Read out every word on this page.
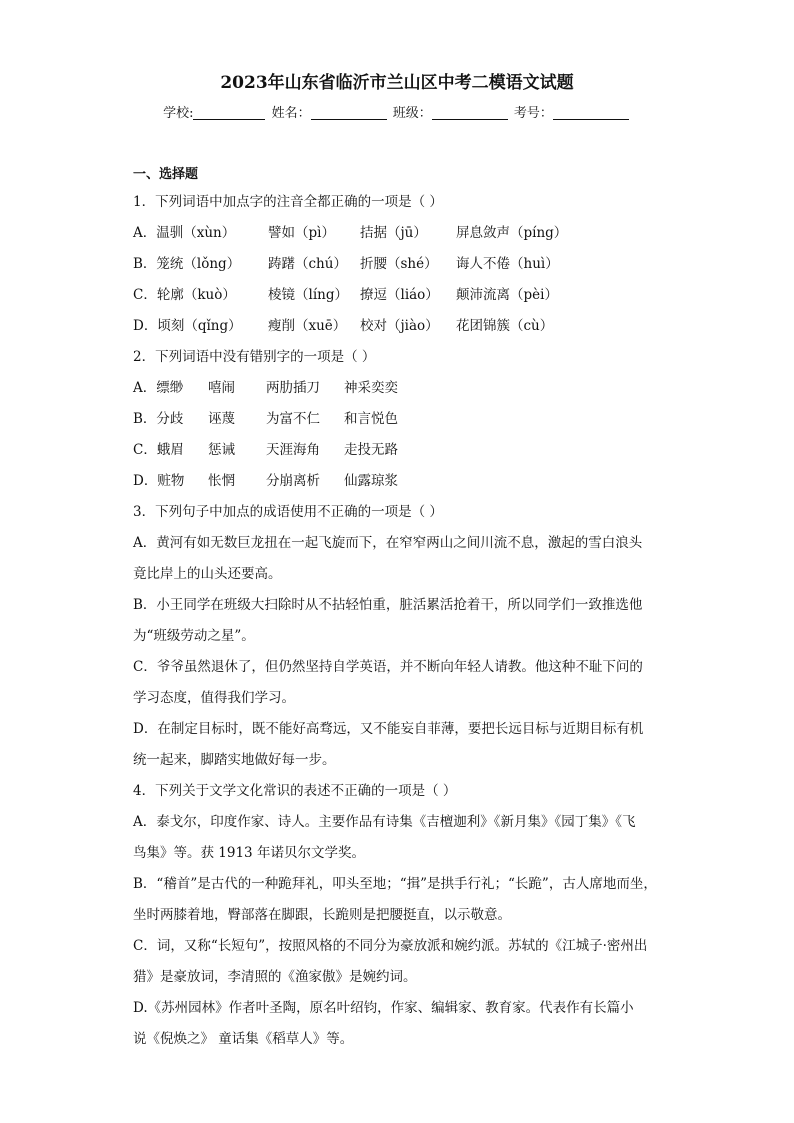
2023年山东省临沂市兰山区中考二模语文试题
学校:	姓名：	班级：	考号：
一、选择题
1．下列词语中加点字的注音全都正确的一项是（ ）
A．温驯（xùn） 譬如（pì） 拮据（jū） 屏息敛声（píng）
B．笼统（lǒng） 踌躇（chú） 折腰（shé） 诲人不倦（huì）
C．轮廓（kuò） 棱镜（líng） 撩逗（liáo） 颠沛流离（pèi）
D．顷刻（qǐng） 瘦削（xuē） 校对（jiào） 花团锦簇（cù）
2．下列词语中没有错别字的一项是（ ）
A．缥缈 嘻闹 两肋插刀 神采奕奕
B．分歧 诬蔑 为富不仁 和言悦色
C．蛾眉 惩诫 天涯海角 走投无路
D．赃物 怅惘 分崩离析 仙露琼浆
3．下列句子中加点的成语使用不正确的一项是（ ）
A．黄河有如无数巨龙扭在一起飞旋而下，在窄窄两山之间川流不息，激起的雪白浪头
竟比岸上的山头还要高。
B．小王同学在班级大扫除时从不拈轻怕重，脏活累活抢着干，所以同学们一致推选他
为“班级劳动之星”。
C．爷爷虽然退休了，但仍然坚持自学英语，并不断向年轻人请教。他这种不耻下问的
学习态度，值得我们学习。
D．在制定目标时，既不能好高骛远，又不能妄自菲薄，要把长远目标与近期目标有机
统一起来，脚踏实地做好每一步。
4．下列关于文学文化常识的表述不正确的一项是（ ）
A．泰戈尔，印度作家、诗人。主要作品有诗集《吉檀迦利》《新月集》《园丁集》《飞
鸟集》等。获 1913 年诺贝尔文学奖。
B．“稽首”是古代的一种跪拜礼，叩头至地；“揖”是拱手行礼；“长跪”，古人席地而坐，
坐时两膝着地，臀部落在脚跟，长跪则是把腰挺直，以示敬意。
C．词，又称“长短句”，按照风格的不同分为豪放派和婉约派。苏轼的《江城子·密州出
猎》是豪放词，李清照的《渔家傲》是婉约词。
D.《苏州园林》作者叶圣陶，原名叶绍钧，作家、编辑家、教育家。代表作有长篇小
说《倪焕之》 童话集《稻草人》等。
